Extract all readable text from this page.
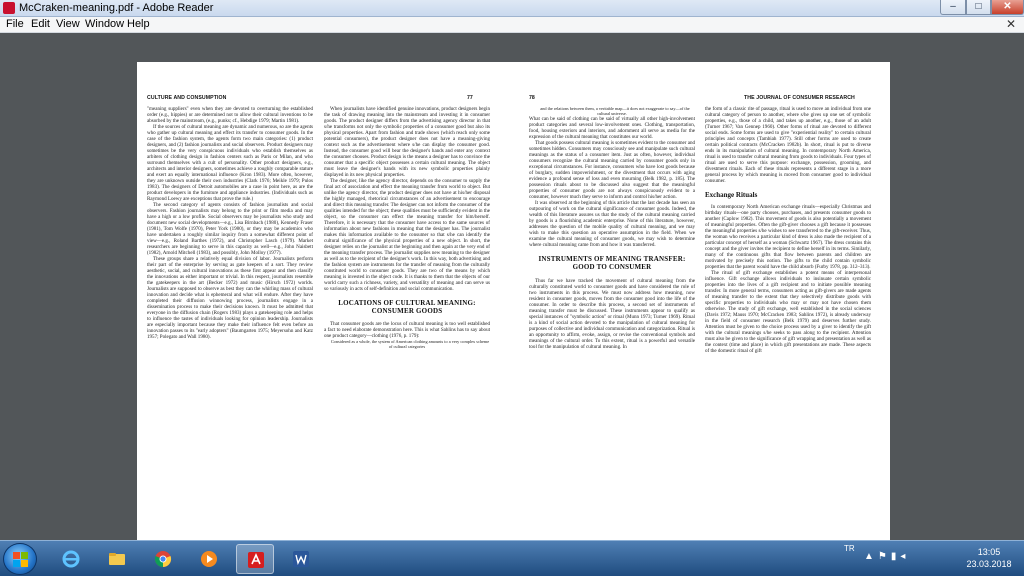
McCraken-meaning.pdf - Adobe Reader	–	□	✕
File Edit View Window Help	✕
CULTURE AND CONSUMPTION	77

"meaning suppliers" even when they are devoted to overturning the established order (e.g., hippies) or are determined not to allow their cultural inventions to be absorbed by the mainstream, (e.g., punks; cf., Hebdige 1979; Martin 1981).

If the sources of cultural meaning are dynamic and numerous, so are the agents who gather up cultural meaning and effect its transfer to consumer goods. In the case of the fashion system, the agents form two main categories: (1) product designers, and (2) fashion journalists and social observers. Product designers may sometimes be the very conspicuous individuals who establish themselves as arbiters of clothing design in fashion centers such as Paris or Milan, and who surround themselves with a cult of personality. Other product designers, e.g., architects and interior designers, sometimes achieve a roughly comparable stature and exert an equally international influence (Kron 1983). More often, however, they are unknown outside their own industries (Clark 1976; Meikle 1979; Pulos 1983). The designers of Detroit automobiles are a case in point here, as are the product developers in the furniture and appliance industries. (Individuals such as Raymond Loewy are exceptions that prove the rule.)

The second category of agents consists of fashion journalists and social observers. Fashion journalists may belong to the print or film media and may have a high or a low profile. Social observers may be journalists who study and document new social developments—e.g., Lisa Birnbach (1980), Kennedy Fraser (1981), Tom Wolfe (1970), Peter York (1980), or they may be academics who have undertaken a roughly similar inquiry from a somewhat different point of view—e.g., Roland Barthes (1972), and Christopher Lasch (1979). Market researchers are beginning to serve in this capacity as well—e.g., John Naisbett (1982), Arnold Mitchell (1983), and possibly, John Molloy (1977).

These groups share a relatively equal division of labor. Journalists perform their part of the enterprise by serving as gate keepers of a sort. They review aesthetic, social, and cultural innovations as these first appear and then classify the innovations as either important or trivial. In this respect, journalists resemble the gatekeepers in the art (Becker 1972) and music (Hirsch 1972) worlds. Journalists are supposed to observe as best they can the whirling mass of cultural innovation and decide what is ephemeral and what will endure. After they have completed their diffusion winnowing process, journalists engage in a dissemination process to make their decisions known. It must be admitted that everyone in the diffusion chain (Rogers 1983) plays a gatekeeping role and helps to influence the tastes of individuals looking for opinion leadership. Journalists are especially important because they make their influence felt even before an innovation passes to its "early adopters" (Baumgarten 1975; Meyersohn and Katz 1957; Polegato and Wall 1980).

When journalists have identified genuine innovations, product designers begin the task of drawing meaning into the mainstream and investing it in consumer goods. The product designer differs from the advertising agency director in that s/he transforms not only the symbolic properties of a consumer good but also its physical properties. Apart from fashion and trade shows (which reach only some potential consumers), the product designer does not have a meaning-giving context such as the advertisement where s/he can display the consumer good. Instead, the consumer good will bear the designer's hands and enter any context the consumer chooses. Product design is the means a designer has to convince the consumer that a specific object possesses a certain cultural meaning. The object must leave the designer's hands with its new symbolic properties plainly displayed in its new physical properties.

The designer, like the agency director, depends on the consumer to supply the final act of association and effect the meaning transfer from world to object. But unlike the agency director, the product designer does not have at his/her disposal the highly managed, rhetorical circumstances of an advertisement to encourage and direct this meaning transfer. The designer can not inform the consumer of the qualities intended for the object; these qualities must be sufficiently evident in the object, so the consumer can effect the meaning transfer for him/herself. Therefore, it is necessary that the consumer have access to the same sources of information about new fashions in meaning that the designer has. The journalist makes this information available to the consumer so that s/he can identify the cultural significance of the physical properties of a new object. In short, the designer relies on the journalist at the beginning and then again at the very end of the meaning transfer process. The journalist supplies new meaning to the designer as well as to the recipient of the designer's work. In this way, both advertising and the fashion system are instruments for the transfer of meaning from the culturally constituted world to consumer goods. They are two of the means by which meaning is invested in the object code. It is thanks to them that the objects of our world carry such a richness, variety, and versatility of meaning and can serve us so variously in acts of self-definition and social communication.

LOCATIONS OF CULTURAL MEANING: CONSUMER GOODS

That consumer goods are the locus of cultural meaning is too well established a fact to need elaborate demonstration here. This is what Sahlins has to say about one product category—clothing (1976, p. 179):

Considered as a whole, the system of American clothing amounts to a very complex scheme of cultural categories

78	THE JOURNAL OF CONSUMER RESEARCH

and the relations between them, a veritable map—it does not exaggerate to say—of the cultural universe.

What can be said of clothing can be said of virtually all other high-involvement product categories and several low-involvement ones. Clothing, transportation, food, housing exteriors and interiors, and adornment all serve as media for the expression of the cultural meaning that constitutes our world.

That goods possess cultural meaning is sometimes evident to the consumer and sometimes hidden. Consumers may consciously see and manipulate such cultural meanings as the status of a consumer item. Just as often, however, individual consumers recognize the cultural meaning carried by consumer goods only in exceptional circumstances. For instance, consumers who have lost goods because of burglary, sudden impoverishment, or the divestment that occurs with aging evidence a profound sense of loss and even mourning (Belk 1982, p. 185). The possession rituals about to be discussed also suggest that the meaningful properties of consumer goods are not always conspicuously evident to a consumer, however much they serve to inform and control his/her action.

It was observed at the beginning of this article that the last decade has seen an outpouring of work on the cultural significance of consumer goods. Indeed, the wealth of this literature assures us that the study of the cultural meaning carried by goods is a flourishing academic enterprise. None of this literature, however, addresses the question of the mobile quality of cultural meaning, and we may wish to make this question an operative assumption in the field. When we examine the cultural meaning of consumer goods, we may wish to determine where cultural meaning came from and how it was transferred.

INSTRUMENTS OF MEANING TRANSFER: GOOD TO CONSUMER

Thus far we have tracked the movement of cultural meaning from the culturally constituted world to consumer goods and have considered the role of two instruments in this process. We must now address how meaning, now resident in consumer goods, moves from the consumer good into the life of the consumer. In order to describe this process, a second set of instruments of meaning transfer must be discussed. These instruments appear to qualify as special instances of "symbolic action" or ritual (Munn 1973; Turner 1969). Ritual is a kind of social action devoted to the manipulation of cultural meaning for purposes of collective and individual communication and categorization. Ritual is an opportunity to affirm, evoke, assign, or revise the conventional symbols and meanings of the cultural order. To this extent, ritual is a powerful and versatile tool for the manipulation of cultural meaning. In

the form of a classic rite of passage, ritual is used to move an individual from one cultural category of person to another, where s/he gives up one set of symbolic properties, e.g., those of a child, and takes up another, e.g., those of an adult (Turner 1967; Van Gennep 1960). Other forms of ritual are devoted to different social ends. Some forms are used to give "experiential reality" to certain cultural principles and concepts (Tambiah 1977). Still other forms are used to create certain political contracts (McCracken 1982b). In short, ritual is put to diverse ends in its manipulation of cultural meaning. In contemporary North America, ritual is used to transfer cultural meaning from goods to individuals. Four types of ritual are used to serve this purpose: exchange, possession, grooming, and divestment rituals. Each of these rituals represents a different stage in a more general process by which meaning is moved from consumer good to individual consumer.

Exchange Rituals

In contemporary North American exchange rituals—especially Christmas and birthday rituals—one party chooses, purchases, and presents consumer goods to another (Caplow 1982). This movement of goods is also potentially a movement of meaningful properties. Often the gift-giver chooses a gift because it possesses the meaningful properties s/he wishes to see transferred to the gift-receiver. Thus, the woman who receives a particular kind of dress is also made the recipient of a particular concept of herself as a woman (Schwartz 1967). The dress contains this concept and the giver invites the recipient to define herself in its terms. Similarly, many of the continuous gifts that flow between parents and children are motivated by precisely this notion. The gifts to the child contain symbolic properties that the parent would have the child absorb (Furby 1978, pp. 312–313).

The ritual of gift exchange establishes a potent means of interpersonal influence. Gift exchange allows individuals to insinuate certain symbolic properties into the lives of a gift recipient and to initiate possible meaning transfer. In more general terms, consumers acting as gift-givers are made agents of meaning transfer to the extent that they selectively distribute goods with specific properties to individuals who may or may not have chosen them otherwise. The study of gift exchange, well established in the social sciences (Davis 1972; Mauss 1970; McCracken 1983; Sahlins 1972), is already underway in the field of consumer research (Belk 1979) and deserves further study. Attention must be given to the choice process used by a giver to identify the gift with the cultural meanings s/he seeks to pass along to the recipient. Attention must also be given to the significance of gift wrapping and presentation as well as the context (time and place) in which gift presentations are made. These aspects of the domestic ritual of gift

TR
▲⚑▮◂	13:05
23.03.2018
